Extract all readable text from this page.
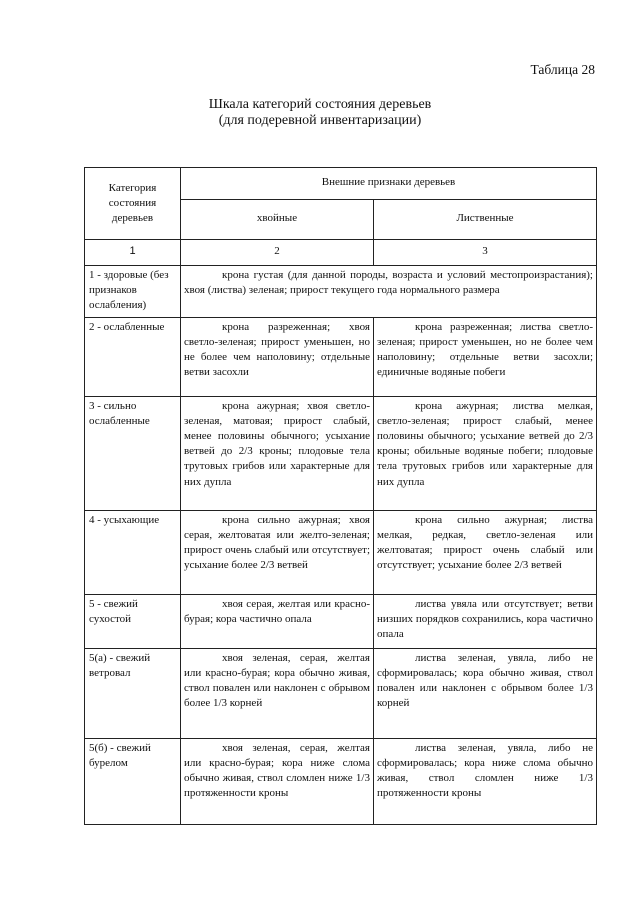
Таблица 28
Шкала категорий состояния деревьев
(для подеревной инвентаризации)
Категория состояния деревьев	Внешние признаки деревьев	
	хвойные	Лиственные
1	2	3
1 - здоровые (без признаков ослабления)	крона густая (для данной породы, возраста и условий местопроизрастания); хвоя (листва) зеленая; прирост текущего года нормального размера	
2 - ослабленные	крона разреженная; хвоя светло-зеленая; прирост уменьшен, но не более чем наполовину; отдельные ветви засохли	крона разреженная; листва светло-зеленая; прирост уменьшен, но не более чем наполовину; отдельные ветви засохли; единичные водяные побеги
3 - сильно ослабленные	крона ажурная; хвоя светло-зеленая, матовая; прирост слабый, менее половины обычного; усыхание ветвей до 2/3 кроны; плодовые тела трутовых грибов или характерные для них дупла	крона ажурная; листва мелкая, светло-зеленая; прирост слабый, менее половины обычного; усыхание ветвей до 2/3 кроны; обильные водяные побеги; плодовые тела трутовых грибов или характерные для них дупла
4 - усыхающие	крона сильно ажурная; хвоя серая, желтоватая или желто-зеленая; прирост очень слабый или отсутствует; усыхание более 2/3 ветвей	крона сильно ажурная; листва мелкая, редкая, светло-зеленая или желтоватая; прирост очень слабый или отсутствует; усыхание более 2/3 ветвей
5 - свежий сухостой	хвоя серая, желтая или красно-бурая; кора частично опала	листва увяла или отсутствует; ветви низших порядков сохранились, кора частично опала
5(а) - свежий ветровал	хвоя зеленая, серая, желтая или красно-бурая; кора обычно живая, ствол повален или наклонен с обрывом более 1/3 корней	листва зеленая, увяла, либо не сформировалась; кора обычно живая, ствол повален или наклонен с обрывом более 1/3 корней
5(б) - свежий бурелом	хвоя зеленая, серая, желтая или красно-бурая; кора ниже слома обычно живая, ствол сломлен ниже 1/3 протяженности кроны	листва зеленая, увяла, либо не сформировалась; кора ниже слома обычно живая, ствол сломлен ниже 1/3 протяженности кроны
